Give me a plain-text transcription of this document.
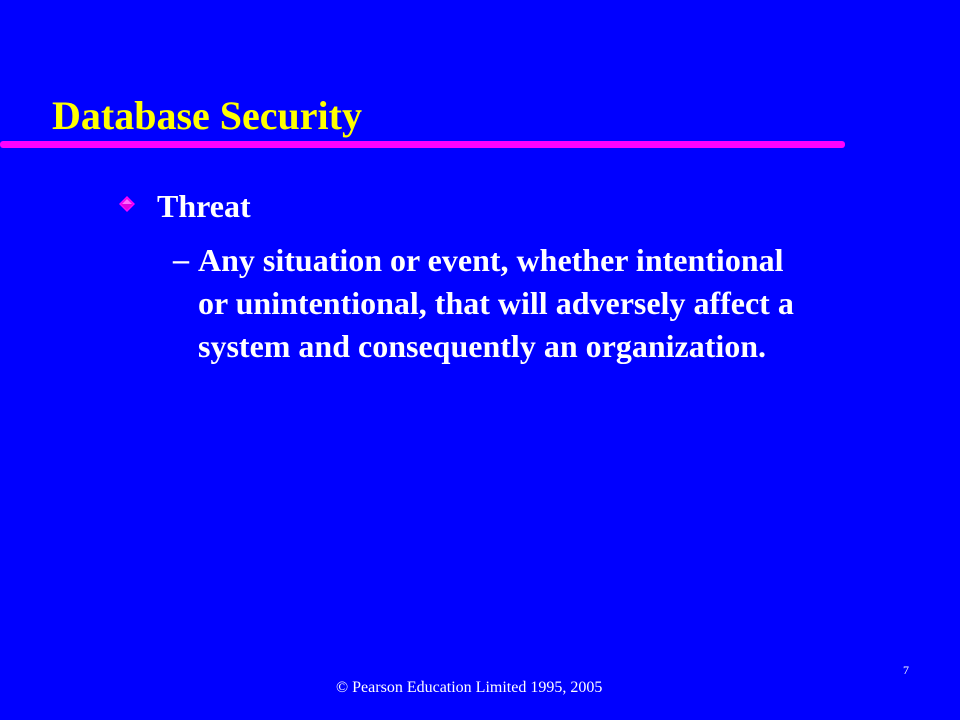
Database Security
Threat
– Any situation or event, whether intentional
or unintentional, that will adversely affect a
system and consequently an organization.
7
© Pearson Education Limited 1995, 2005
